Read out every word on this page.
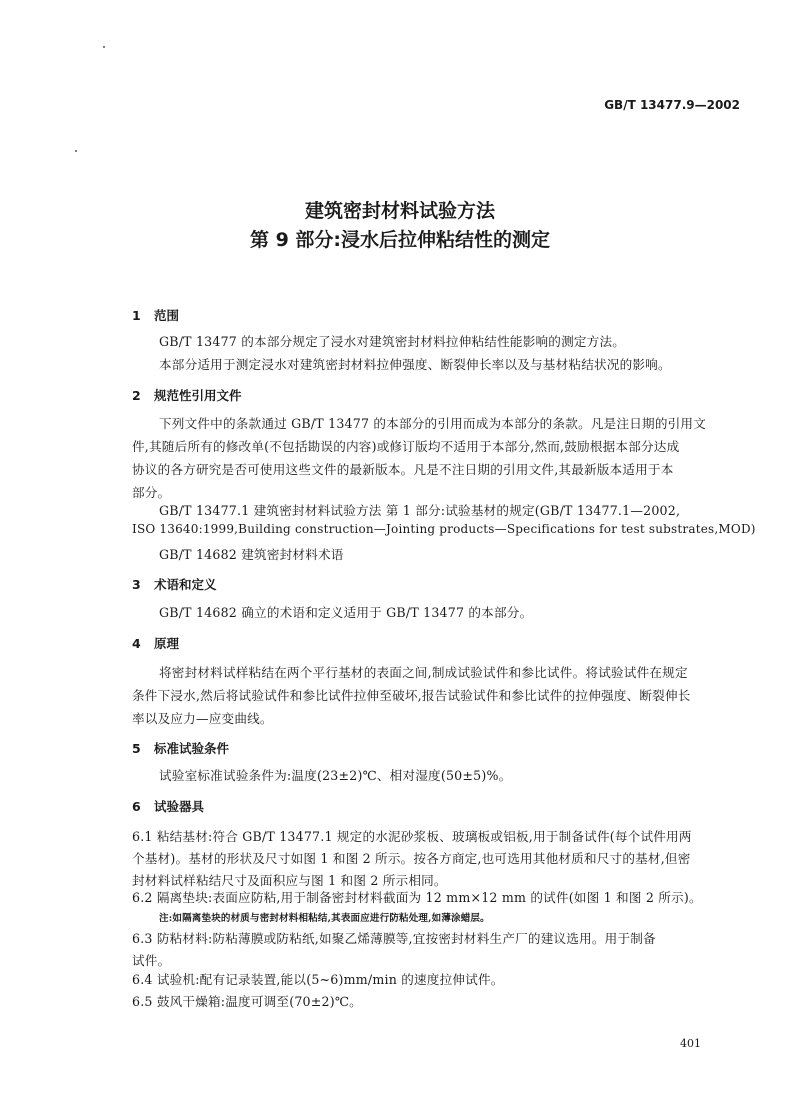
GB/T 13477.9—2002
建筑密封材料试验方法
第 9 部分:浸水后拉伸粘结性的测定
1 范围
GB/T 13477 的本部分规定了浸水对建筑密封材料拉伸粘结性能影响的测定方法。
本部分适用于测定浸水对建筑密封材料拉伸强度、断裂伸长率以及与基材粘结状况的影响。
2 规范性引用文件
下列文件中的条款通过 GB/T 13477 的本部分的引用而成为本部分的条款。凡是注日期的引用文
件,其随后所有的修改单(不包括勘误的内容)或修订版均不适用于本部分,然而,鼓励根据本部分达成
协议的各方研究是否可使用这些文件的最新版本。凡是不注日期的引用文件,其最新版本适用于本
部分。
GB/T 13477.1 建筑密封材料试验方法 第 1 部分:试验基材的规定(GB/T 13477.1—2002,
ISO 13640:1999,Building construction—Jointing products—Specifications for test substrates,MOD)
GB/T 14682 建筑密封材料术语
3 术语和定义
GB/T 14682 确立的术语和定义适用于 GB/T 13477 的本部分。
4 原理
将密封材料试样粘结在两个平行基材的表面之间,制成试验试件和参比试件。将试验试件在规定
条件下浸水,然后将试验试件和参比试件拉伸至破坏,报告试验试件和参比试件的拉伸强度、断裂伸长
率以及应力—应变曲线。
5 标准试验条件
试验室标准试验条件为:温度(23±2)℃、相对湿度(50±5)%。
6 试验器具
6.1 粘结基材:符合 GB/T 13477.1 规定的水泥砂浆板、玻璃板或铝板,用于制备试件(每个试件用两
个基材)。基材的形状及尺寸如图 1 和图 2 所示。按各方商定,也可选用其他材质和尺寸的基材,但密
封材料试样粘结尺寸及面积应与图 1 和图 2 所示相同。
6.2 隔离垫块:表面应防粘,用于制备密封材料截面为 12 mm×12 mm 的试件(如图 1 和图 2 所示)。
注:如隔离垫块的材质与密封材料相粘结,其表面应进行防粘处理,如薄涂蜡层。
6.3 防粘材料:防粘薄膜或防粘纸,如聚乙烯薄膜等,宜按密封材料生产厂的建议选用。用于制备
试件。
6.4 试验机:配有记录装置,能以(5~6)mm/min 的速度拉伸试件。
6.5 鼓风干燥箱:温度可调至(70±2)℃。
401
